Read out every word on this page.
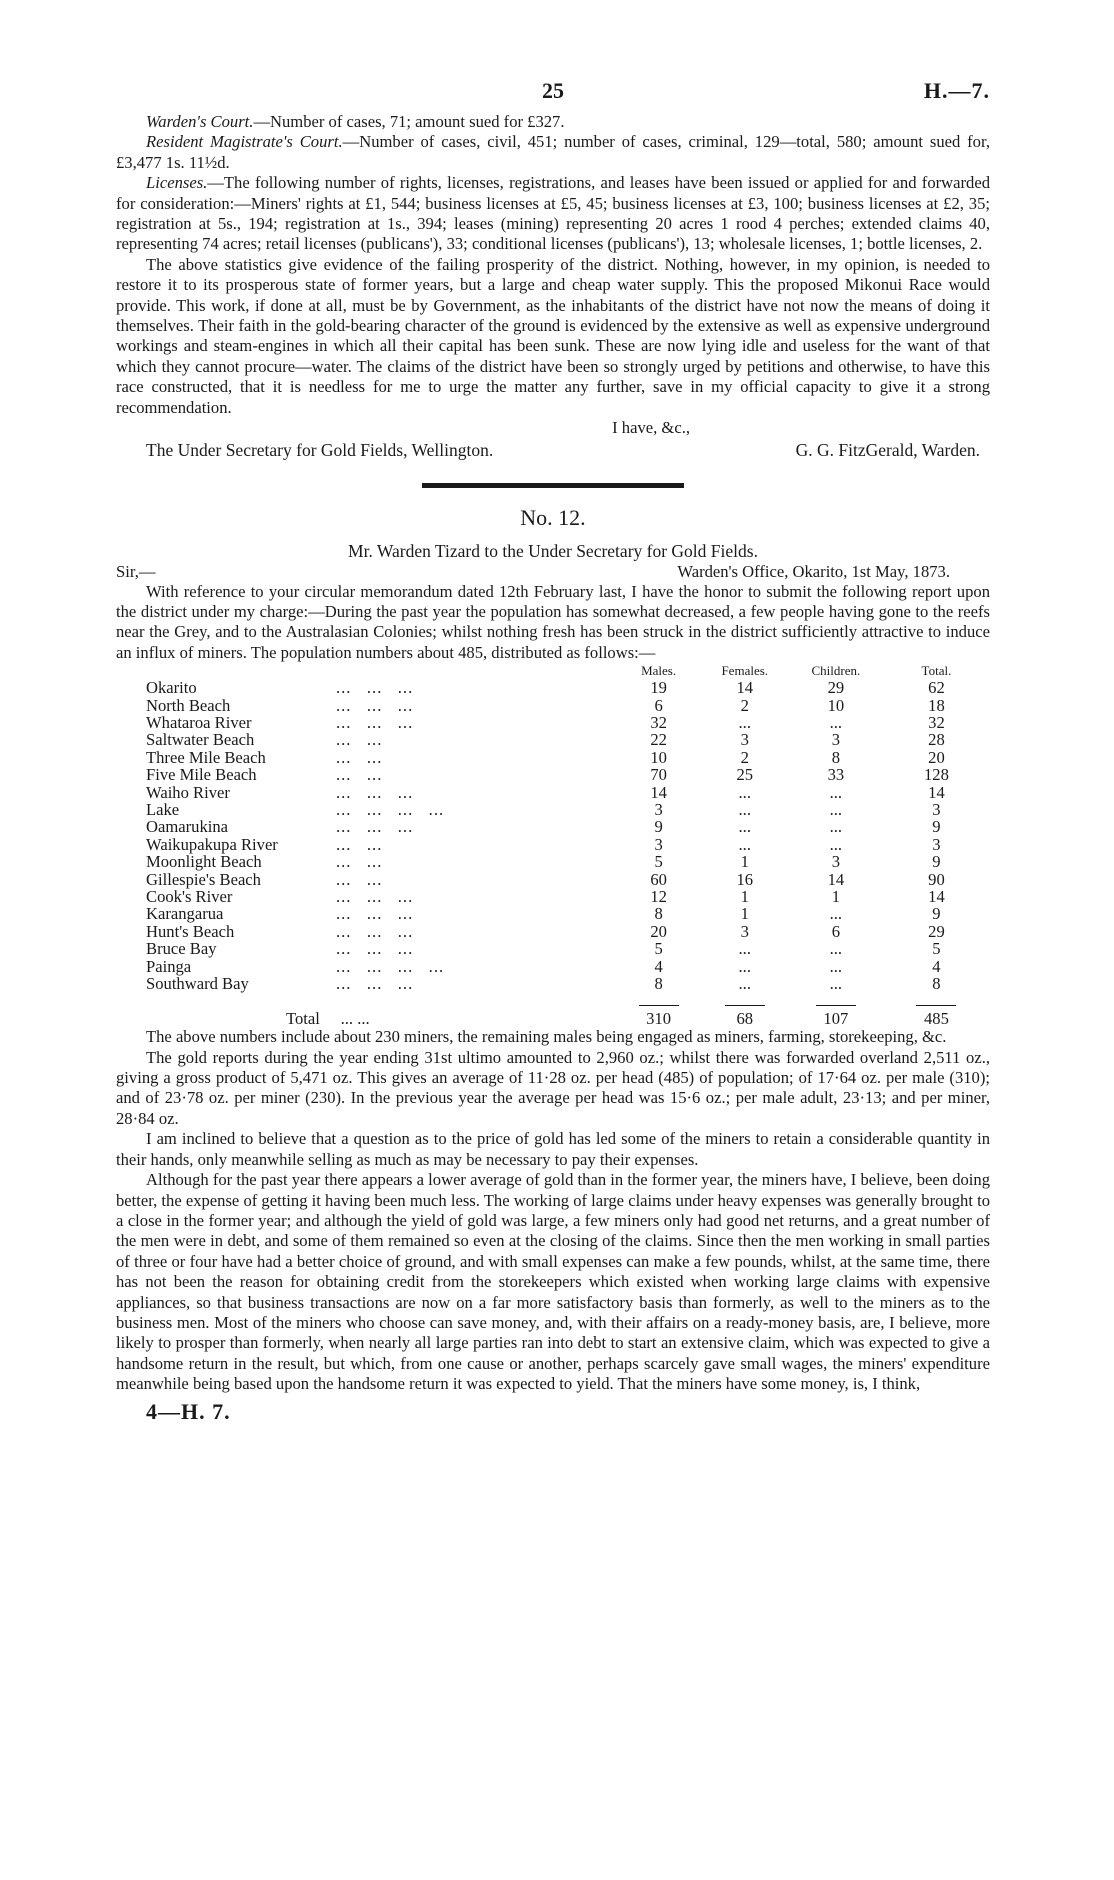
25	H.—7.

Warden's Court.—Number of cases, 71; amount sued for £327.

Resident Magistrate's Court.—Number of cases, civil, 451; number of cases, criminal, 129—total, 580; amount sued for, £3,477 1s. 11½d.

Licenses.—The following number of rights, licenses, registrations, and leases have been issued or applied for and forwarded for consideration:—Miners' rights at £1, 544; business licenses at £5, 45; business licenses at £3, 100; business licenses at £2, 35; registration at 5s., 194; registration at 1s., 394; leases (mining) representing 20 acres 1 rood 4 perches; extended claims 40, representing 74 acres; retail licenses (publicans'), 33; conditional licenses (publicans'), 13; wholesale licenses, 1; bottle licenses, 2.

The above statistics give evidence of the failing prosperity of the district. Nothing, however, in my opinion, is needed to restore it to its prosperous state of former years, but a large and cheap water supply. This the proposed Mikonui Race would provide. This work, if done at all, must be by Government, as the inhabitants of the district have not now the means of doing it themselves. Their faith in the gold-bearing character of the ground is evidenced by the extensive as well as expensive underground workings and steam-engines in which all their capital has been sunk. These are now lying idle and useless for the want of that which they cannot procure—water. The claims of the district have been so strongly urged by petitions and otherwise, to have this race constructed, that it is needless for me to urge the matter any further, save in my official capacity to give it a strong recommendation.

I have, &c.,
The Under Secretary for Gold Fields, Wellington.	G. G. FitzGerald, Warden.
No. 12.
Mr. Warden Tizard to the Under Secretary for Gold Fields.
Sir,—	Warden's Office, Okarito, 1st May, 1873.

With reference to your circular memorandum dated 12th February last, I have the honor to submit the following report upon the district under my charge:—During the past year the population has somewhat decreased, a few people having gone to the reefs near the Grey, and to the Australasian Colonies; whilst nothing fresh has been struck in the district sufficiently attractive to induce an influx of miners. The population numbers about 485, distributed as follows:—

	Males.	Females.	Children.	Total.
Okarito ...   ...   ...	19	14	29	62
North Beach ...   ...   ...	6	2	10	18
Whataroa River ...   ...   ...	32	...	...	32
Saltwater Beach ...   ...	22	3	3	28
Three Mile Beach ...   ...	10	2	8	20
Five Mile Beach ...   ...	70	25	33	128
Waiho River ...   ...   ...	14	...	...	14
Lake ...   ...   ...   ...	3	...	...	3
Oamarukina ...   ...   ...	9	...	...	9
Waikupakupa River ...   ...	3	...	...	3
Moonlight Beach ...   ...	5	1	3	9
Gillespie's Beach ...   ...	60	16	14	90
Cook's River ...   ...   ...	12	1	1	14
Karangarua ...   ...   ...	8	1	...	9
Hunt's Beach ...   ...   ...	20	3	6	29
Bruce Bay ...   ...   ...	5	...	...	5
Painga ...   ...   ...   ...	4	...	...	4
Southward Bay ...   ...   ...	8	...	...	8

Total ... ...	310	68	107	485

The above numbers include about 230 miners, the remaining males being engaged as miners, farming, storekeeping, &c.

The gold reports during the year ending 31st ultimo amounted to 2,960 oz.; whilst there was forwarded overland 2,511 oz., giving a gross product of 5,471 oz. This gives an average of 11·28 oz. per head (485) of population; of 17·64 oz. per male (310); and of 23·78 oz. per miner (230). In the previous year the average per head was 15·6 oz.; per male adult, 23·13; and per miner, 28·84 oz.

I am inclined to believe that a question as to the price of gold has led some of the miners to retain a considerable quantity in their hands, only meanwhile selling as much as may be necessary to pay their expenses.

Although for the past year there appears a lower average of gold than in the former year, the miners have, I believe, been doing better, the expense of getting it having been much less. The working of large claims under heavy expenses was generally brought to a close in the former year; and although the yield of gold was large, a few miners only had good net returns, and a great number of the men were in debt, and some of them remained so even at the closing of the claims. Since then the men working in small parties of three or four have had a better choice of ground, and with small expenses can make a few pounds, whilst, at the same time, there has not been the reason for obtaining credit from the storekeepers which existed when working large claims with expensive appliances, so that business transactions are now on a far more satisfactory basis than formerly, as well to the miners as to the business men. Most of the miners who choose can save money, and, with their affairs on a ready-money basis, are, I believe, more likely to prosper than formerly, when nearly all large parties ran into debt to start an extensive claim, which was expected to give a handsome return in the result, but which, from one cause or another, perhaps scarcely gave small wages, the miners' expenditure meanwhile being based upon the handsome return it was expected to yield. That the miners have some money, is, I think,

4—H. 7.
